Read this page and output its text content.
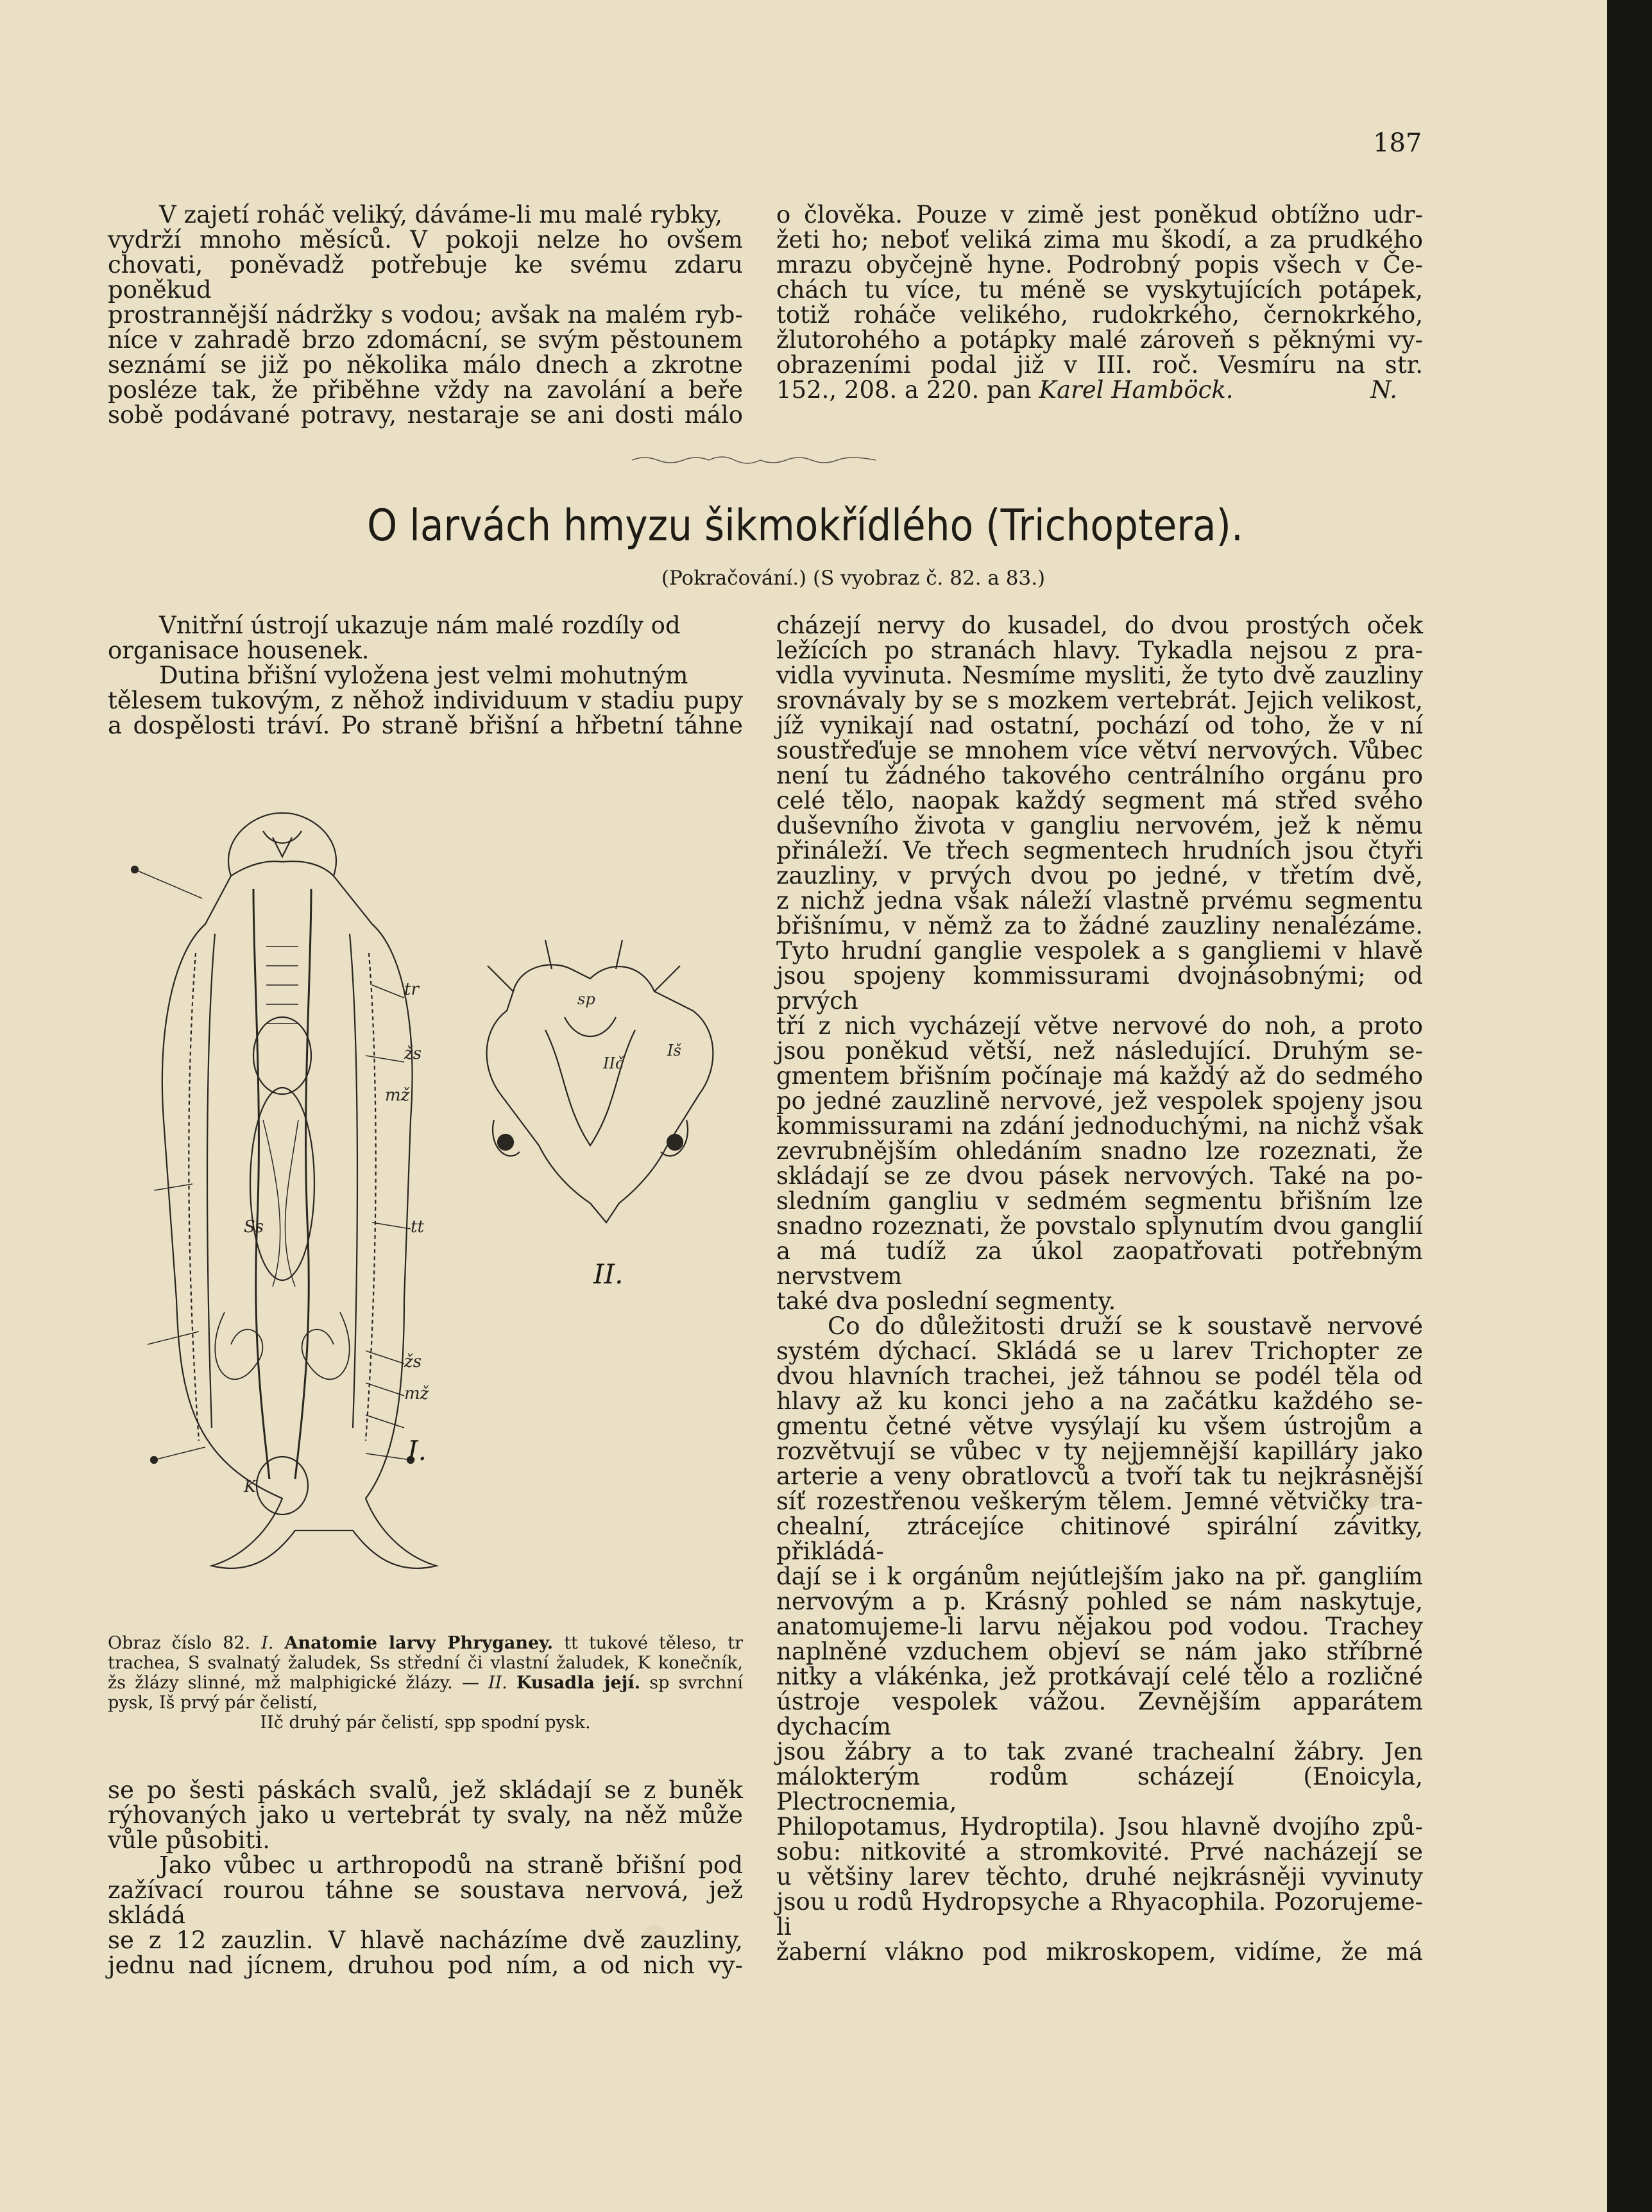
187

V zajetí roháč veliký, dáváme-li mu malé rybky,

vydrží mnoho měsíců. V pokoji nelze ho ovšem

chovati, poněvadž potřebuje ke svému zdaru poněkud

prostrannější nádržky s vodou; avšak na malém ryb-

níce v zahradě brzo zdomácní, se svým pěstounem

seznámí se již po několika málo dnech a zkrotne

posléze tak, že přiběhne vždy na zavolání a beře

sobě podávané potravy, nestaraje se ani dosti málo

o člověka. Pouze v zimě jest poněkud obtížno udr-

žeti ho; neboť veliká zima mu škodí, a za prudkého

mrazu obyčejně hyne. Podrobný popis všech v Če-

chách tu více, tu méně se vyskytujících potápek,

totiž roháče velikého, rudokrkého, černokrkého,

žlutorohého a potápky malé zároveň s pěknými vy-

obrazeními podal již v III. roč. Vesmíru na str.

152., 208. a 220. pan Karel Hamböck.	N.

O larvách hmyzu šikmokřídlého (Trichoptera).
(Pokračování.) (S vyobraz č. 82. a 83.)

Vnitřní ústrojí ukazuje nám malé rozdíly od

organisace housenek.

Dutina břišní vyložena jest velmi mohutným

tělesem tukovým, z něhož individuum v stadiu pupy

a dospělosti tráví. Po straně břišní a hřbetní táhne

tr
žs
mž
tt
Ss
žs
mž
K
I.
sp
Iš
IIč
II.
Obraz číslo 82. I. Anatomie larvy Phryganey. tt tukové těleso, tr trachea, S svalnatý žaludek, Ss střední či vlastní žaludek, K konečník, žs žlázy slinné, mž malphigické žlázy. — II. Kusadla její. sp svrchní pysk, Iš prvý pár čelistí,
IIč druhý pár čelistí, spp spodní pysk.

se po šesti páskách svalů, jež skládají se z buněk

rýhovaných jako u vertebrát ty svaly, na něž může

vůle působiti.

Jako vůbec u arthropodů na straně břišní pod

zažívací rourou táhne se soustava nervová, jež skládá

se z 12 zauzlin. V hlavě nacházíme dvě zauzliny,

jednu nad jícnem, druhou pod ním, a od nich vy-

cházejí nervy do kusadel, do dvou prostých oček

ležících po stranách hlavy. Tykadla nejsou z pra-

vidla vyvinuta. Nesmíme mysliti, že tyto dvě zauzliny

srovnávaly by se s mozkem vertebrát. Jejich velikost,

jíž vynikají nad ostatní, pochází od toho, že v ní

soustřeďuje se mnohem více větví nervových. Vůbec

není tu žádného takového centrálního orgánu pro

celé tělo, naopak každý segment má střed svého

duševního života v gangliu nervovém, jež k němu

přináleží. Ve třech segmentech hrudních jsou čtyři

zauzliny, v prvých dvou po jedné, v třetím dvě,

z nichž jedna však náleží vlastně prvému segmentu

břišnímu, v němž za to žádné zauzliny nenalézáme.

Tyto hrudní ganglie vespolek a s gangliemi v hlavě

jsou spojeny kommissurami dvojnásobnými; od prvých

tří z nich vycházejí větve nervové do noh, a proto

jsou poněkud větší, než následující. Druhým se-

gmentem břišním počínaje má každý až do sedmého

po jedné zauzlině nervové, jež vespolek spojeny jsou

kommissurami na zdání jednoduchými, na nichž však

zevrubnějším ohledáním snadno lze rozeznati, že

skládají se ze dvou pásek nervových. Také na po-

sledním gangliu v sedmém segmentu břišním lze

snadno rozeznati, že povstalo splynutím dvou ganglií

a má tudíž za úkol zaopatřovati potřebným nervstvem

také dva poslední segmenty.

Co do důležitosti druží se k soustavě nervové

systém dýchací. Skládá se u larev Trichopter ze

dvou hlavních trachei, jež táhnou se podél těla od

hlavy až ku konci jeho a na začátku každého se-

gmentu četné větve vysýlají ku všem ústrojům a

rozvětvují se vůbec v ty nejjemnější kapilláry jako

arterie a veny obratlovců a tvoří tak tu nejkrásnější

síť rozestřenou veškerým tělem. Jemné větvičky tra-

chealní, ztrácejíce chitinové spirální závitky, přikládá-

dají se i k orgánům nejútlejším jako na př. gangliím

nervovým a p. Krásný pohled se nám naskytuje,

anatomujeme-li larvu nějakou pod vodou. Trachey

naplněné vzduchem objeví se nám jako stříbrné

nitky a vlákénka, jež protkávají celé tělo a rozličné

ústroje vespolek vážou. Zevnějším apparátem dychacím

jsou žábry a to tak zvané trachealní žábry. Jen

málokterým rodům scházejí (Enoicyla, Plectrocnemia,

Philopotamus, Hydroptila). Jsou hlavně dvojího způ-

sobu: nitkovité a stromkovité. Prvé nacházejí se

u většiny larev těchto, druhé nejkrásněji vyvinuty

jsou u rodů Hydropsyche a Rhyacophila. Pozorujeme-li

žaberní vlákno pod mikroskopem, vidíme, že má
